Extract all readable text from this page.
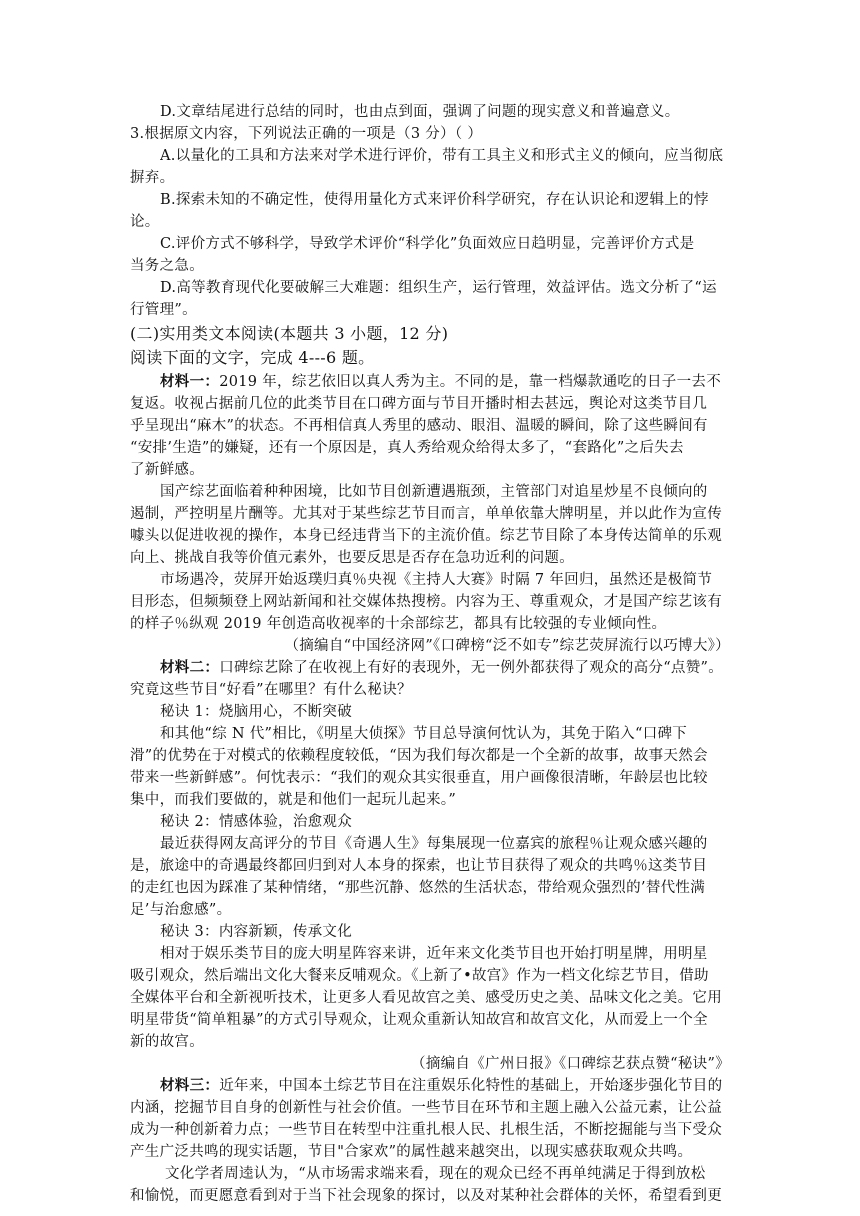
D.文章结尾进行总结的同时，也由点到面，强调了问题的现实意义和普遍意义。
3.根据原文内容，下列说法正确的一项是（3 分）（ ）
A.以量化的工具和方法来对学术进行评价，带有工具主义和形式主义的倾向，应当彻底
摒弃。
B.探索未知的不确定性，使得用量化方式来评价科学研究，存在认识论和逻辑上的悖
论。
C.评价方式不够科学，导致学术评价“科学化”负面效应日趋明显，完善评价方式是
当务之急。
D.高等教育现代化要破解三大难题：组织生产，运行管理，效益评估。选文分析了“运
行管理”。
(二)实用类文本阅读(本题共 3 小题，12 分)
阅读下面的文字，完成 4---6 题。
材料一：2019 年，综艺依旧以真人秀为主。不同的是，靠一档爆款通吃的日子一去不
复返。收视占据前几位的此类节目在口碑方面与节目开播时相去甚远，舆论对这类节目几
乎呈现出“麻木”的状态。不再相信真人秀里的感动、眼泪、温暖的瞬间，除了这些瞬间有
“安排’生造”的嫌疑，还有一个原因是，真人秀给观众给得太多了，“套路化”之后失去
了新鲜感。
国产综艺面临着种种困境，比如节目创新遭遇瓶颈，主管部门对追星炒星不良倾向的
遏制，严控明星片酬等。尤其对于某些综艺节目而言，单单依靠大牌明星，并以此作为宣传
噱头以促进收视的操作，本身已经违背当下的主流价值。综艺节目除了本身传达简单的乐观
向上、挑战自我等价值元素外，也要反思是否存在急功近利的问题。
市场遇冷，荧屏开始返璞归真％央视《主持人大赛》时隔 7 年回归，虽然还是极简节
目形态，但频频登上网站新闻和社交媒体热搜榜。内容为王、尊重观众，才是国产综艺该有
的样子％纵观 2019 年创造高收视率的十余部综艺，都具有比较强的专业倾向性。
（摘编自“中国经济网”《口碑榜“泛不如专”综艺荧屏流行以巧博大》）
材料二：口碑综艺除了在收视上有好的表现外，无一例外都获得了观众的高分“点赞”。
究竟这些节目“好看”在哪里？有什么秘诀？
秘诀 1：烧脑用心，不断突破
和其他“综 N 代”相比，《明星大侦探》节目总导演何忱认为，其免于陷入“口碑下
滑”的优势在于对模式的依赖程度较低，“因为我们每次都是一个全新的故事，故事天然会
带来一些新鲜感”。何忱表示：“我们的观众其实很垂直，用户画像很清晰，年龄层也比较
集中，而我们要做的，就是和他们一起玩儿起来。”
秘诀 2：情感体验，治愈观众
最近获得网友高评分的节目《奇遇人生》每集展现一位嘉宾的旅程％让观众感兴趣的
是，旅途中的奇遇最终都回归到对人本身的探索，也让节目获得了观众的共鸣％这类节目
的走红也因为踩准了某种情绪，“那些沉静、悠然的生活状态，带给观众强烈的’替代性满
足’与治愈感”。
秘诀 3：内容新颖，传承文化
相对于娱乐类节目的庞大明星阵容来讲，近年来文化类节目也开始打明星牌，用明星
吸引观众，然后端出文化大餐来反哺观众。《上新了•故宫》作为一档文化综艺节目，借助
全媒体平台和全新视听技术，让更多人看见故宫之美、感受历史之美、品味文化之美。它用
明星带货“简单粗暴”的方式引导观众，让观众重新认知故宫和故宫文化，从而爱上一个全
新的故宫。
（摘编自《广州日报》《口碑综艺获点赞“秘诀”》
材料三：近年来，中国本土综艺节目在注重娱乐化特性的基础上，开始逐步强化节目的
内涵，挖掘节目自身的创新性与社会价值。一些节目在环节和主题上融入公益元素，让公益
成为一种创新着力点；一些节目在转型中注重扎根人民、扎根生活，不断挖掘能与当下受众
产生广泛共鸣的现实话题，节目"合家欢”的属性越来越突出，以现实感获取观众共鸣。
文化学者周逵认为，“从市场需求端来看，现在的观众已经不再单纯满足于得到放松
和愉悦，而更愿意看到对于当下社会现象的探讨，以及对某种社会群体的关怀，希望看到更
